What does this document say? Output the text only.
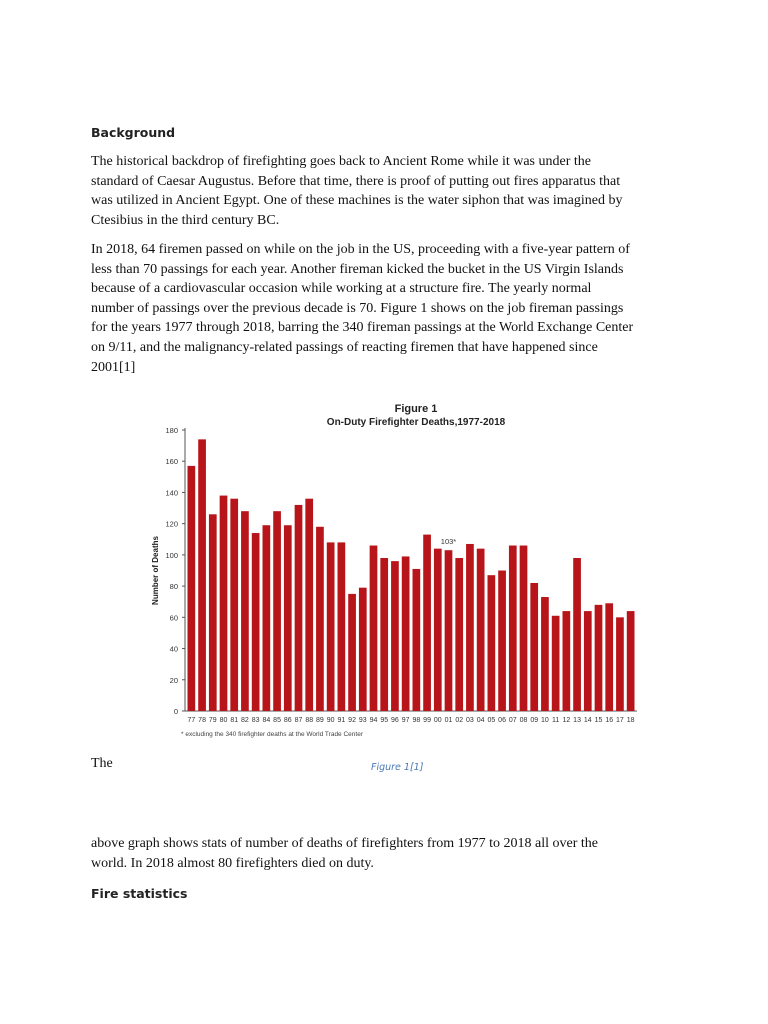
Background
The historical backdrop of firefighting goes back to Ancient Rome while it was under the
standard of Caesar Augustus. Before that time, there is proof of putting out fires apparatus that
was utilized in Ancient Egypt. One of these machines is the water siphon that was imagined by
Ctesibius in the third century BC.
In 2018, 64 firemen passed on while on the job in the US, proceeding with a five-year pattern of
less than 70 passings for each year. Another fireman kicked the bucket in the US Virgin Islands
because of a cardiovascular occasion while working at a structure fire. The yearly normal
number of passings over the previous decade is 70. Figure 1 shows on the job fireman passings
for the years 1977 through 2018, barring the 340 fireman passings at the World Exchange Center
on 9/11, and the malignancy-related passings of reacting firemen that have happened since
2001[1]
Figure 1
On-Duty Firefighter Deaths,1977-2018
0
20
40
60
80
100
120
140
160
180
Number of Deaths
77 78 79 80 81 82 83 84 85 86 87 88 89 90 91 92 93 94 95 96 97 98 99 00 01 02 03 04 05 06 07 08 09 10 11 12 13 14 15 16 17 18
103*
* excluding the 340 firefighter deaths at the World Trade Center
The	Figure 1[1]
above graph shows stats of number of deaths of firefighters from 1977 to 2018 all over the
world. In 2018 almost 80 firefighters died on duty.
Fire statistics
